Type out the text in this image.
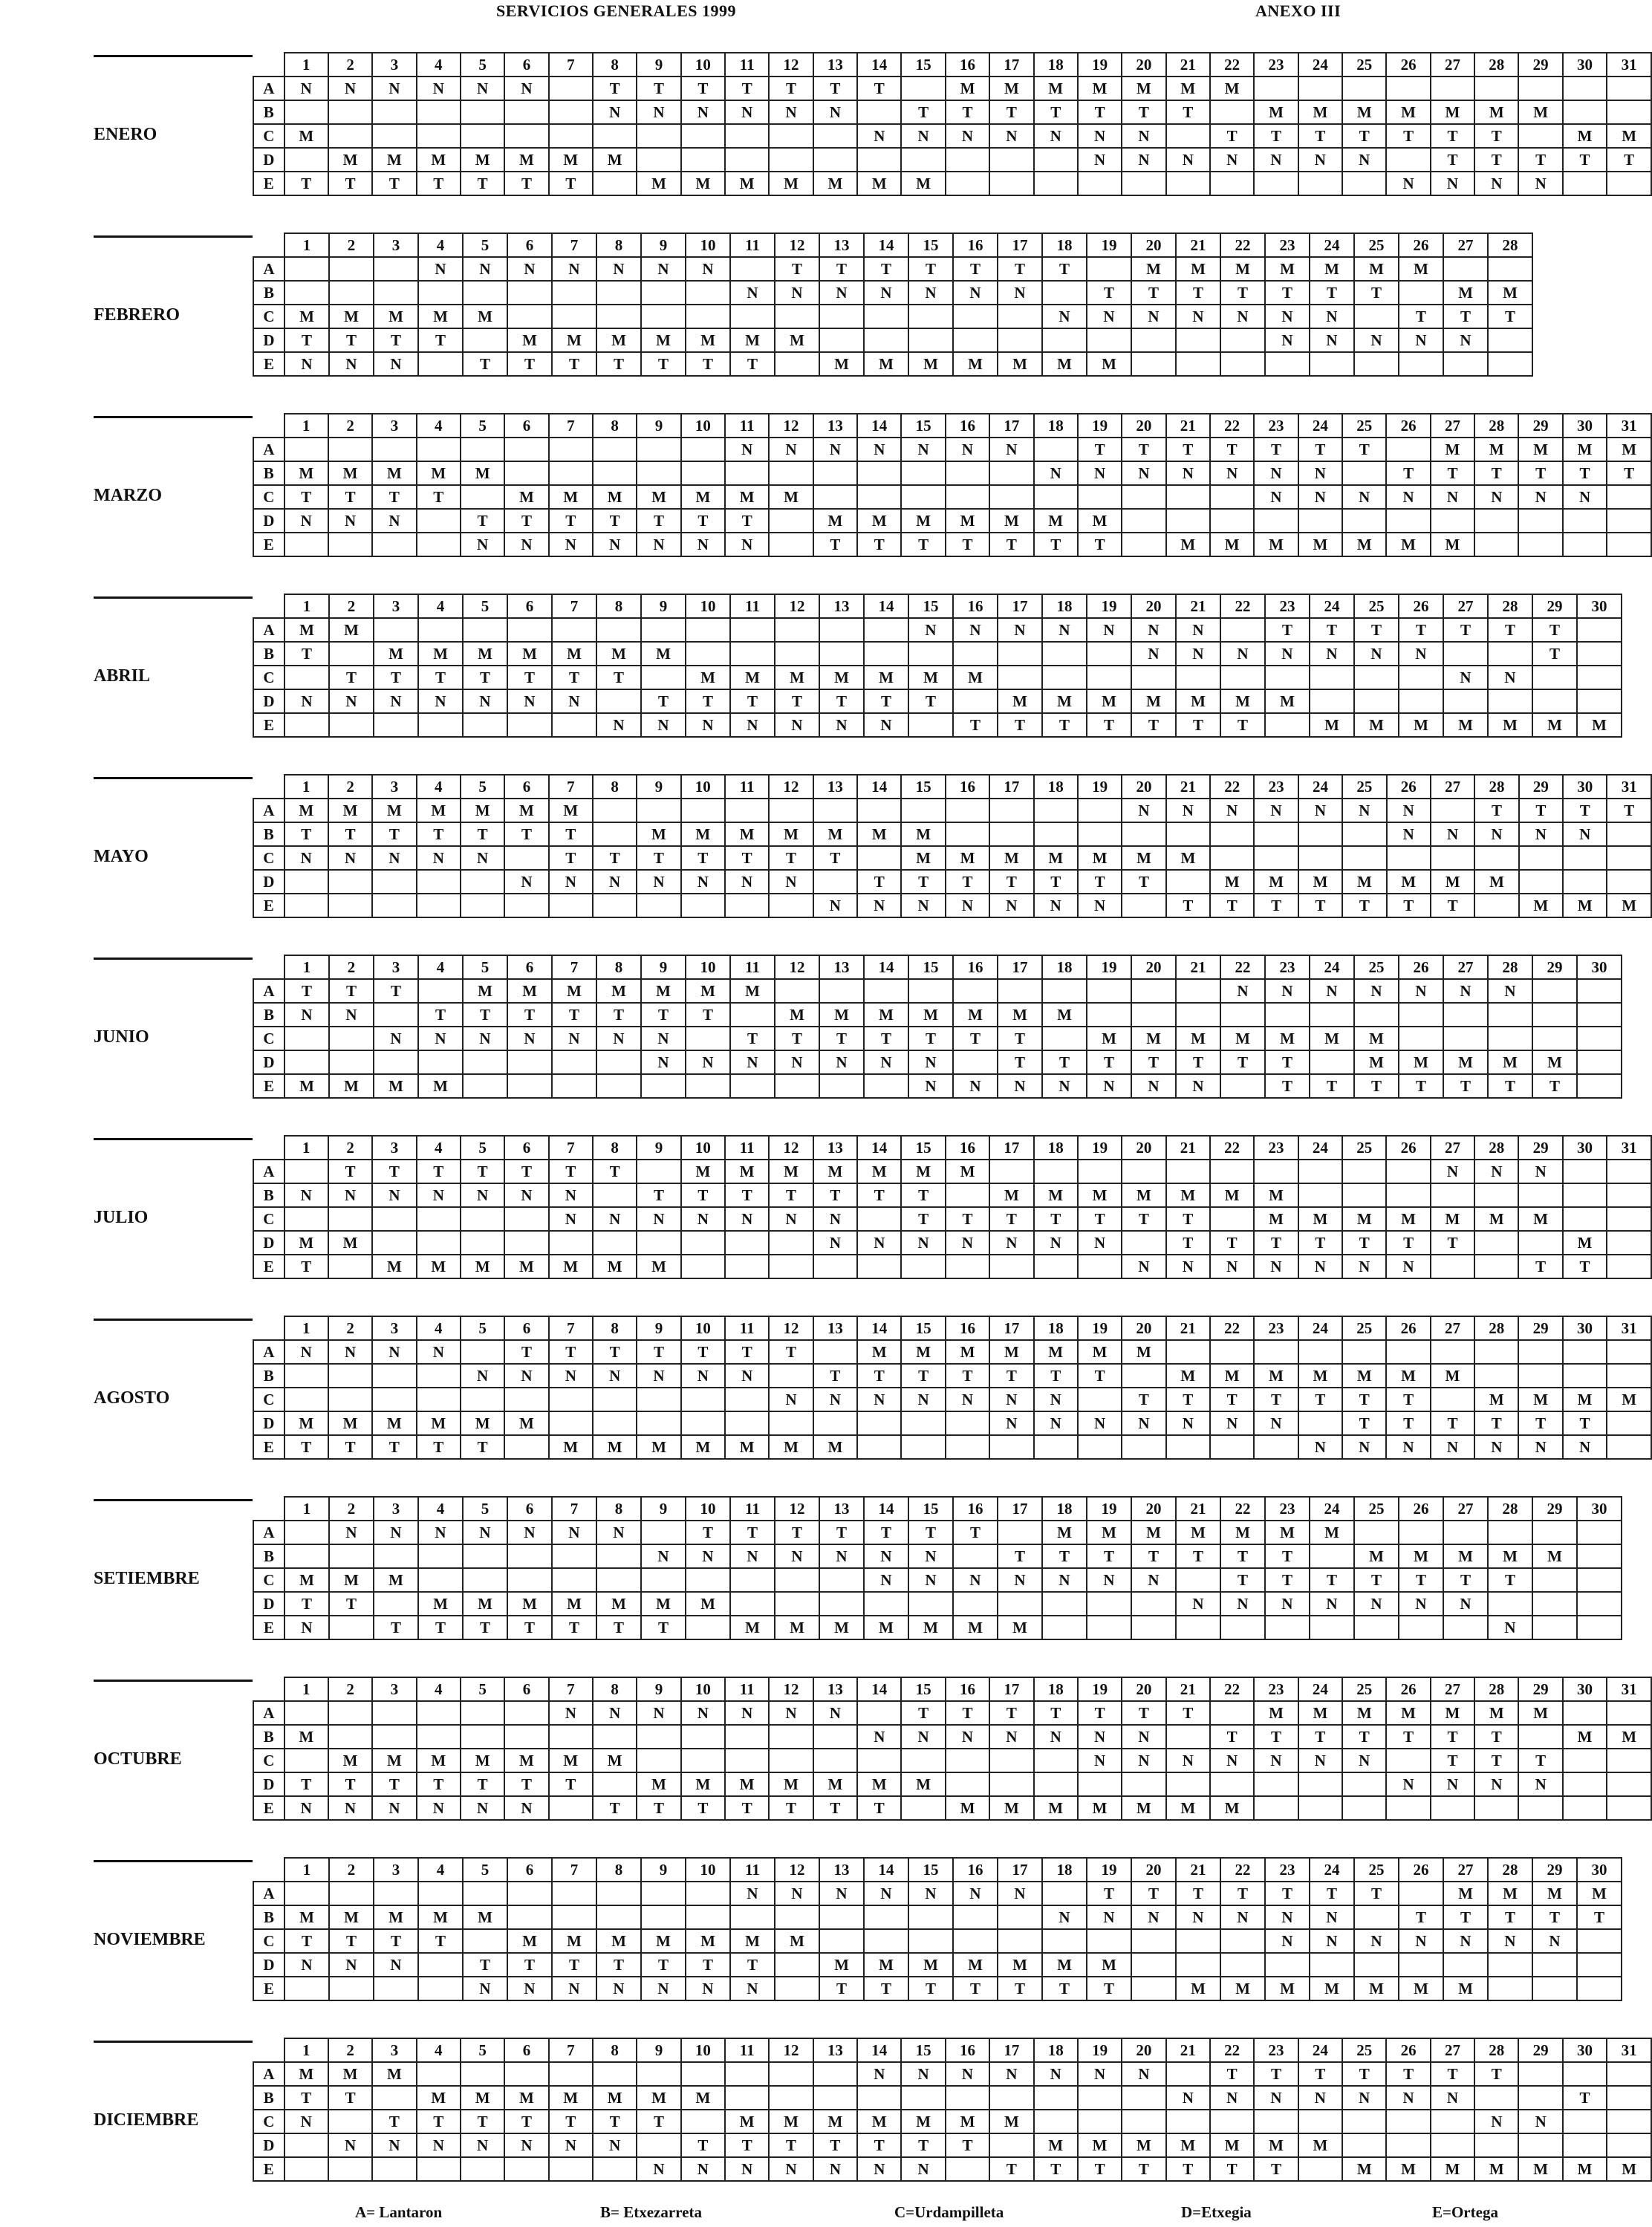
SERVICIOS GENERALES 1999	ANEXO III
ENERO
	1	2	3	4	5	6	7	8	9	10	11	12	13	14	15	16	17	18	19	20	21	22	23	24	25	26	27	28	29	30	31
A	N	N	N	N	N	N		T	T	T	T	T	T	T		M	M	M	M	M	M	M									
B								N	N	N	N	N	N		T	T	T	T	T	T	T		M	M	M	M	M	M	M		
C	M													N	N	N	N	N	N	N		T	T	T	T	T	T	T		M	M
D		M	M	M	M	M	M	M											N	N	N	N	N	N	N		T	T	T	T	T
E	T	T	T	T	T	T	T		M	M	M	M	M	M	M											N	N	N	N		
FEBRERO
	1	2	3	4	5	6	7	8	9	10	11	12	13	14	15	16	17	18	19	20	21	22	23	24	25	26	27	28
A				N	N	N	N	N	N	N		T	T	T	T	T	T	T		M	M	M	M	M	M	M		
B											N	N	N	N	N	N	N		T	T	T	T	T	T	T		M	M
C	M	M	M	M	M													N	N	N	N	N	N	N		T	T	T
D	T	T	T	T		M	M	M	M	M	M	M											N	N	N	N	N	
E	N	N	N		T	T	T	T	T	T	T		M	M	M	M	M	M	M									
MARZO
	1	2	3	4	5	6	7	8	9	10	11	12	13	14	15	16	17	18	19	20	21	22	23	24	25	26	27	28	29	30	31
A											N	N	N	N	N	N	N		T	T	T	T	T	T	T		M	M	M	M	M
B	M	M	M	M	M													N	N	N	N	N	N	N		T	T	T	T	T	T
C	T	T	T	T		M	M	M	M	M	M	M											N	N	N	N	N	N	N	N	
D	N	N	N		T	T	T	T	T	T	T		M	M	M	M	M	M	M												
E					N	N	N	N	N	N	N		T	T	T	T	T	T	T		M	M	M	M	M	M	M				
ABRIL
	1	2	3	4	5	6	7	8	9	10	11	12	13	14	15	16	17	18	19	20	21	22	23	24	25	26	27	28	29	30
A	M	M													N	N	N	N	N	N	N		T	T	T	T	T	T	T	
B	T		M	M	M	M	M	M	M											N	N	N	N	N	N	N			T	
C		T	T	T	T	T	T	T		M	M	M	M	M	M	M											N	N		
D	N	N	N	N	N	N	N		T	T	T	T	T	T	T		M	M	M	M	M	M	M							
E								N	N	N	N	N	N	N		T	T	T	T	T	T	T		M	M	M	M	M	M	M
MAYO
	1	2	3	4	5	6	7	8	9	10	11	12	13	14	15	16	17	18	19	20	21	22	23	24	25	26	27	28	29	30	31
A	M	M	M	M	M	M	M													N	N	N	N	N	N	N		T	T	T	T
B	T	T	T	T	T	T	T		M	M	M	M	M	M	M											N	N	N	N	N	
C	N	N	N	N	N		T	T	T	T	T	T	T		M	M	M	M	M	M	M										
D						N	N	N	N	N	N	N		T	T	T	T	T	T	T		M	M	M	M	M	M	M			
E													N	N	N	N	N	N	N		T	T	T	T	T	T	T		M	M	M
JUNIO
	1	2	3	4	5	6	7	8	9	10	11	12	13	14	15	16	17	18	19	20	21	22	23	24	25	26	27	28	29	30
A	T	T	T		M	M	M	M	M	M	M											N	N	N	N	N	N	N		
B	N	N		T	T	T	T	T	T	T		M	M	M	M	M	M	M												
C			N	N	N	N	N	N	N		T	T	T	T	T	T	T		M	M	M	M	M	M	M					
D									N	N	N	N	N	N	N		T	T	T	T	T	T	T		M	M	M	M	M	
E	M	M	M	M											N	N	N	N	N	N	N		T	T	T	T	T	T	T	
JULIO
	1	2	3	4	5	6	7	8	9	10	11	12	13	14	15	16	17	18	19	20	21	22	23	24	25	26	27	28	29	30	31
A		T	T	T	T	T	T	T		M	M	M	M	M	M	M											N	N	N		
B	N	N	N	N	N	N	N		T	T	T	T	T	T	T		M	M	M	M	M	M	M								
C							N	N	N	N	N	N	N		T	T	T	T	T	T	T		M	M	M	M	M	M	M		
D	M	M											N	N	N	N	N	N	N		T	T	T	T	T	T	T			M	
E	T		M	M	M	M	M	M	M											N	N	N	N	N	N	N			T	T	
AGOSTO
	1	2	3	4	5	6	7	8	9	10	11	12	13	14	15	16	17	18	19	20	21	22	23	24	25	26	27	28	29	30	31
A	N	N	N	N		T	T	T	T	T	T	T		M	M	M	M	M	M	M											
B					N	N	N	N	N	N	N		T	T	T	T	T	T	T		M	M	M	M	M	M	M				
C												N	N	N	N	N	N	N		T	T	T	T	T	T	T		M	M	M	M
D	M	M	M	M	M	M											N	N	N	N	N	N	N		T	T	T	T	T	T	
E	T	T	T	T	T		M	M	M	M	M	M	M											N	N	N	N	N	N	N	
SETIEMBRE
	1	2	3	4	5	6	7	8	9	10	11	12	13	14	15	16	17	18	19	20	21	22	23	24	25	26	27	28	29	30
A		N	N	N	N	N	N	N		T	T	T	T	T	T	T		M	M	M	M	M	M	M						
B									N	N	N	N	N	N	N		T	T	T	T	T	T	T		M	M	M	M	M	
C	M	M	M											N	N	N	N	N	N	N		T	T	T	T	T	T	T		
D	T	T		M	M	M	M	M	M	M											N	N	N	N	N	N	N			
E	N		T	T	T	T	T	T	T		M	M	M	M	M	M	M											N		
OCTUBRE
	1	2	3	4	5	6	7	8	9	10	11	12	13	14	15	16	17	18	19	20	21	22	23	24	25	26	27	28	29	30	31
A							N	N	N	N	N	N	N		T	T	T	T	T	T	T		M	M	M	M	M	M	M		
B	M													N	N	N	N	N	N	N		T	T	T	T	T	T	T		M	M
C		M	M	M	M	M	M	M											N	N	N	N	N	N	N		T	T	T		
D	T	T	T	T	T	T	T		M	M	M	M	M	M	M											N	N	N	N		
E	N	N	N	N	N	N		T	T	T	T	T	T	T		M	M	M	M	M	M	M									
NOVIEMBRE
	1	2	3	4	5	6	7	8	9	10	11	12	13	14	15	16	17	18	19	20	21	22	23	24	25	26	27	28	29	30
A											N	N	N	N	N	N	N		T	T	T	T	T	T	T		M	M	M	M
B	M	M	M	M	M													N	N	N	N	N	N	N		T	T	T	T	T
C	T	T	T	T		M	M	M	M	M	M	M											N	N	N	N	N	N	N	
D	N	N	N		T	T	T	T	T	T	T		M	M	M	M	M	M	M											
E					N	N	N	N	N	N	N		T	T	T	T	T	T	T		M	M	M	M	M	M	M			
DICIEMBRE
	1	2	3	4	5	6	7	8	9	10	11	12	13	14	15	16	17	18	19	20	21	22	23	24	25	26	27	28	29	30	31
A	M	M	M											N	N	N	N	N	N	N		T	T	T	T	T	T	T			
B	T	T		M	M	M	M	M	M	M											N	N	N	N	N	N	N			T	
C	N		T	T	T	T	T	T	T		M	M	M	M	M	M	M											N	N		
D		N	N	N	N	N	N	N		T	T	T	T	T	T	T		M	M	M	M	M	M	M							
E									N	N	N	N	N	N	N		T	T	T	T	T	T	T		M	M	M	M	M	M	M
A= Lantaron	B= Etxezarreta	C=Urdampilleta	D=Etxegia	E=Ortega
